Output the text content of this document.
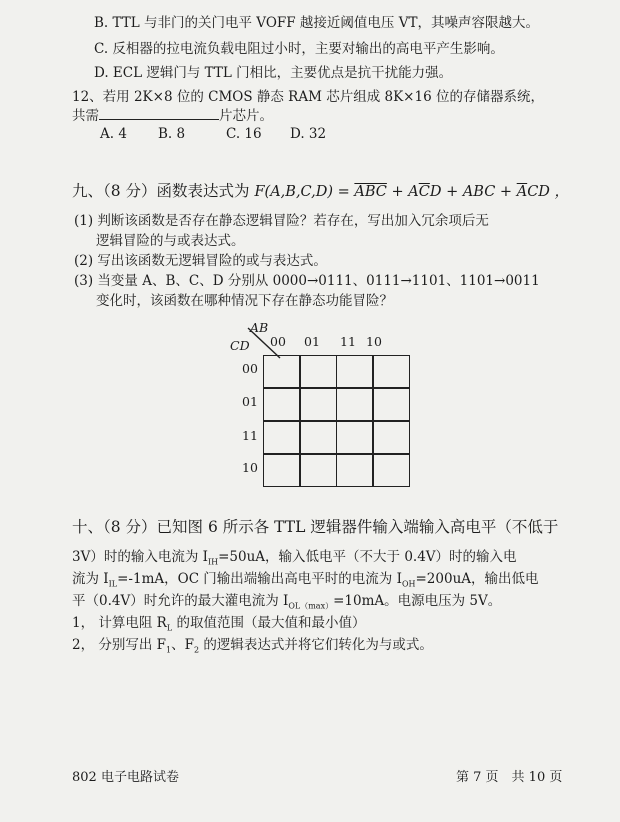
B. TTL 与非门的关门电平 VOFF 越接近阈值电压 VT，其噪声容限越大。
C. 反相器的拉电流负载电阻过小时，主要对输出的高电平产生影响。
D. ECL 逻辑门与 TTL 门相比，主要优点是抗干扰能力强。
12、若用 2K×8 位的 CMOS 静态 RAM 芯片组成 8K×16 位的存储器系统，
共需	片芯片。
A. 4 B. 8	C. 16 D. 32
九、（8 分）函数表达式为 $F(A,B,C,D) = \overline{ABC} + A\overline{C}D$ + ABC + $\overline{A}CD$ ，
(1) 判断该函数是否存在静态逻辑冒险？若存在，写出加入冗余项后无
逻辑冒险的与或表达式。
(2) 写出该函数无逻辑冒险的或与表达式。
(3) 当变量 A、B、C、D 分别从 0000→0111、0111→1101、1101→0011
变化时，该函数在哪种情况下存在静态功能冒险？
AB
CD 00 01 11 10
00
01
11
10
十、（8 分）已知图 6 所示各 TTL 逻辑器件输入端输入高电平（不低于
3V）时的输入电流为 $I_{IH}=50uA$，输入低电平（不大于 0.4V）时的输入电
流为 $I_{IL}=-1mA$，OC 门输出端输出高电平时的电流为 $I_{OH}=200uA$，输出低电
平（0.4V）时允许的最大灌电流为 $I_{OL(max)}=10mA$。电源电压为 5V。
1， 计算电阻 $R_L$ 的取值范围（最大值和最小值）
2， 分别写出 $F_1$、$F_2$ 的逻辑表达式并将它们转化为与或式。
802 电子电路试卷	第 7 页　共 10 页
